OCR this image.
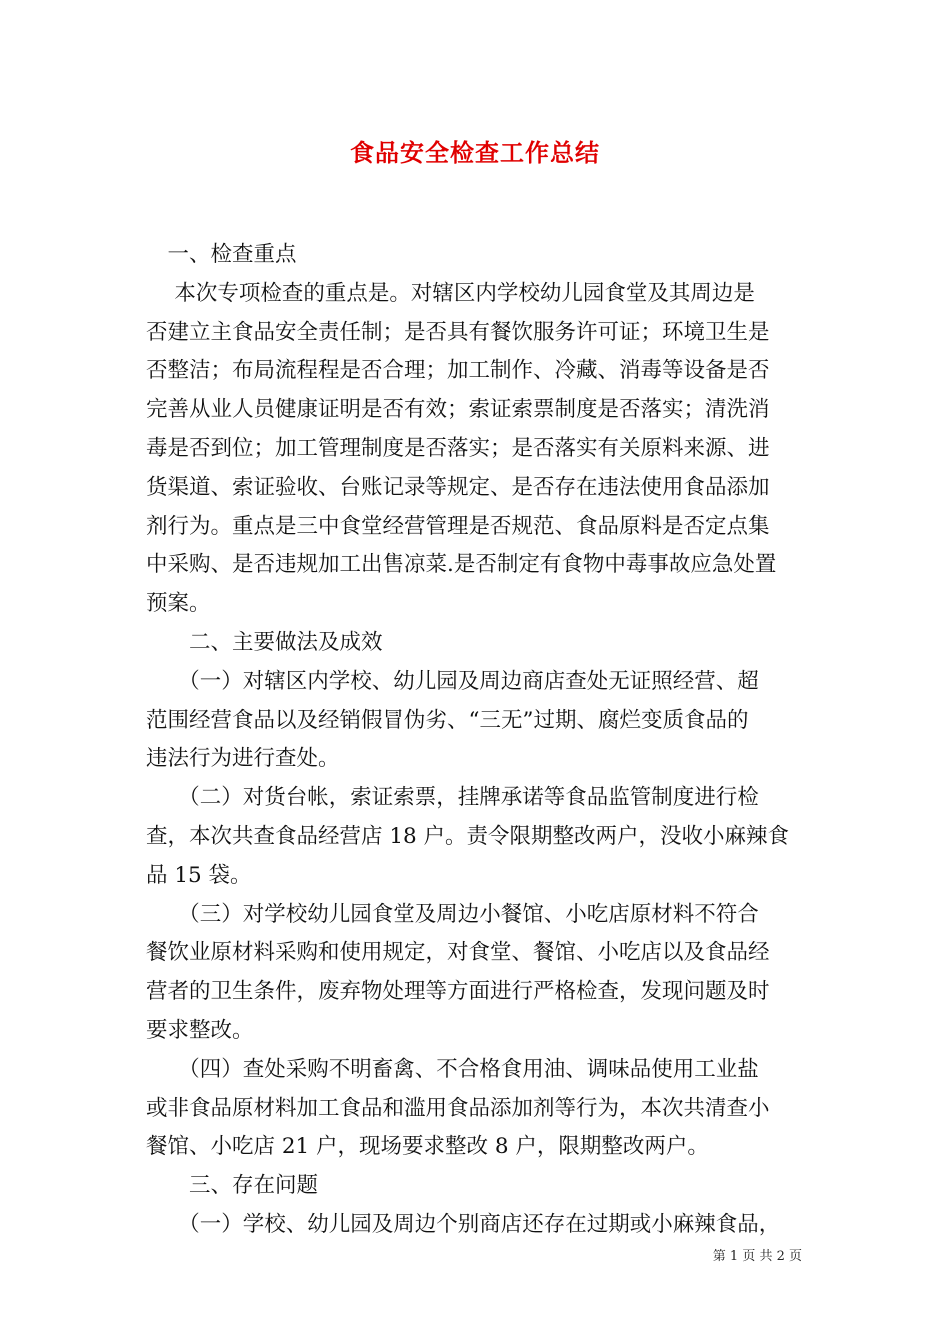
食品安全检查工作总结
　一、检查重点
　 本次专项检查的重点是。对辖区内学校幼儿园食堂及其周边是
否建立主食品安全责任制；是否具有餐饮服务许可证；环境卫生是
否整洁；布局流程程是否合理；加工制作、冷藏、消毒等设备是否
完善从业人员健康证明是否有效；索证索票制度是否落实；清洗消
毒是否到位；加工管理制度是否落实；是否落实有关原料来源、进
货渠道、索证验收、台账记录等规定、是否存在违法使用食品添加
剂行为。重点是三中食堂经营管理是否规范、食品原料是否定点集
中采购、是否违规加工出售凉菜.是否制定有食物中毒事故应急处置
预案。
　　二、主要做法及成效
　　（一）对辖区内学校、幼儿园及周边商店查处无证照经营、超
范围经营食品以及经销假冒伪劣、“三无”过期、腐烂变质食品的
违法行为进行查处。
　　（二）对货台帐，索证索票，挂牌承诺等食品监管制度进行检
查，本次共查食品经营店 18 户。责令限期整改两户，没收小麻辣食
品 15 袋。
　　（三）对学校幼儿园食堂及周边小餐馆、小吃店原材料不符合
餐饮业原材料采购和使用规定，对食堂、餐馆、小吃店以及食品经
营者的卫生条件，废弃物处理等方面进行严格检查，发现问题及时
要求整改。
　　（四）查处采购不明畜禽、不合格食用油、调味品使用工业盐
或非食品原材料加工食品和滥用食品添加剂等行为，本次共清查小
餐馆、小吃店 21 户，现场要求整改 8 户，限期整改两户。
　　三、存在问题
　　（一）学校、幼儿园及周边个别商店还存在过期或小麻辣食品，
第 1 页 共 2 页
